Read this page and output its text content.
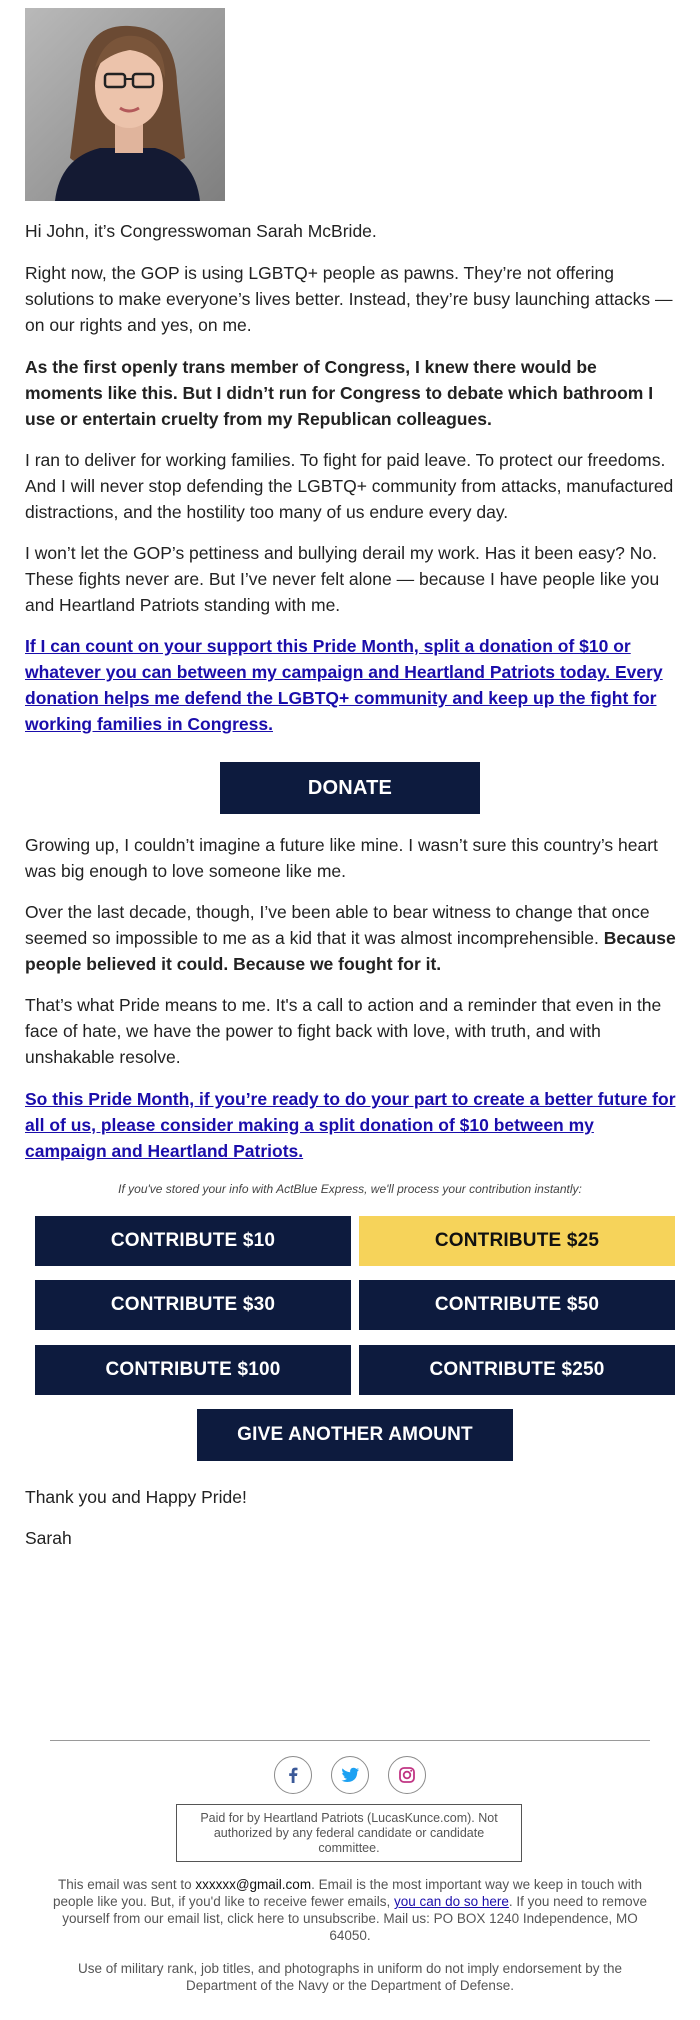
Hi John, it’s Congresswoman Sarah McBride.

Right now, the GOP is using LGBTQ+ people as pawns. They’re not offering solutions to make everyone’s lives better. Instead, they’re busy launching attacks — on our rights and yes, on me.

As the first openly trans member of Congress, I knew there would be moments like this. But I didn’t run for Congress to debate which bathroom I use or entertain cruelty from my Republican colleagues.

I ran to deliver for working families. To fight for paid leave. To protect our freedoms. And I will never stop defending the LGBTQ+ community from attacks, manufactured distractions, and the hostility too many of us endure every day.

I won’t let the GOP’s pettiness and bullying derail my work. Has it been easy? No. These fights never are. But I’ve never felt alone — because I have people like you and Heartland Patriots standing with me.

If I can count on your support this Pride Month, split a donation of $10 or whatever you can between my campaign and Heartland Patriots today. Every donation helps me defend the LGBTQ+ community and keep up the fight for working families in Congress.

DONATE

Growing up, I couldn’t imagine a future like mine. I wasn’t sure this country’s heart was big enough to love someone like me.

Over the last decade, though, I’ve been able to bear witness to change that once seemed so impossible to me as a kid that it was almost incomprehensible. Because people believed it could. Because we fought for it.

That’s what Pride means to me. It's a call to action and a reminder that even in the face of hate, we have the power to fight back with love, with truth, and with unshakable resolve.

So this Pride Month, if you’re ready to do your part to create a better future for all of us, please consider making a split donation of $10 between my campaign and Heartland Patriots.

If you've stored your info with ActBlue Express, we'll process your contribution instantly:
CONTRIBUTE $10	CONTRIBUTE $25
CONTRIBUTE $30	CONTRIBUTE $50
CONTRIBUTE $100	CONTRIBUTE $250
GIVE ANOTHER AMOUNT

Thank you and Happy Pride!

Sarah

Paid for by Heartland Patriots (LucasKunce.com). Not authorized by any federal candidate or candidate committee.
This email was sent to xxxxxx@gmail.com. Email is the most important way we keep in touch with people like you. But, if you'd like to receive fewer emails, you can do so here. If you need to remove yourself from our email list, click here to unsubscribe. Mail us: PO BOX 1240 Independence, MO 64050.
Use of military rank, job titles, and photographs in uniform do not imply endorsement by the Department of the Navy or the Department of Defense.
